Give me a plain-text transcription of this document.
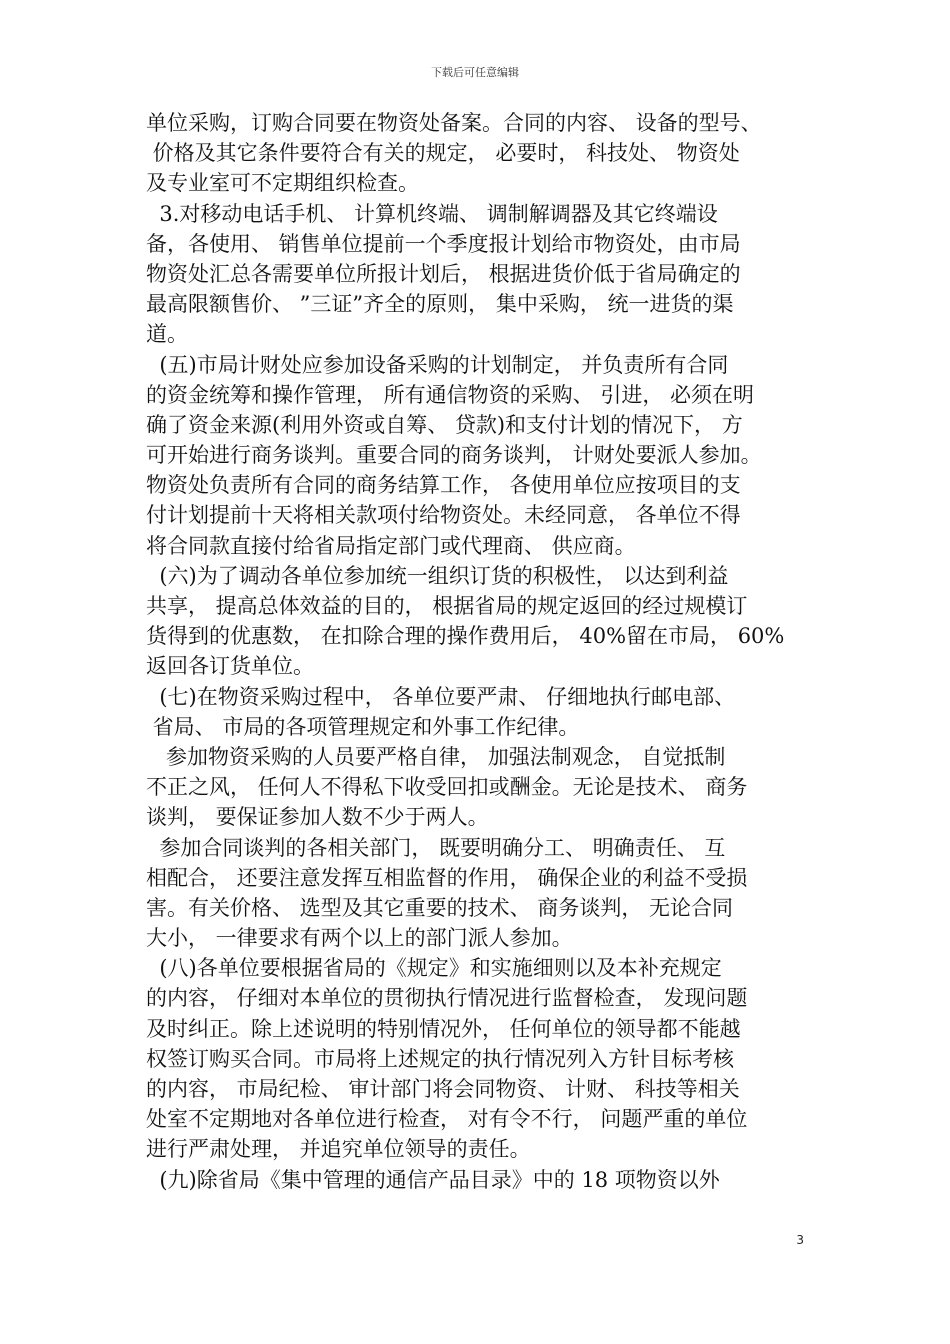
下载后可任意编辑
单位采购，订购合同要在物资处备案。合同的内容、 设备的型号、
价格及其它条件要符合有关的规定， 必要时， 科技处、 物资处
及专业室可不定期组织检查。
3.对移动电话手机、 计算机终端、 调制解调器及其它终端设
备，各使用、 销售单位提前一个季度报计划给市物资处，由市局
物资处汇总各需要单位所报计划后， 根据进货价低于省局确定的
最高限额售价、 ”三证”齐全的原则， 集中采购， 统一进货的渠
道。
(五)市局计财处应参加设备采购的计划制定， 并负责所有合同
的资金统筹和操作管理， 所有通信物资的采购、 引进， 必须在明
确了资金来源(利用外资或自筹、 贷款)和支付计划的情况下， 方
可开始进行商务谈判。重要合同的商务谈判， 计财处要派人参加。
物资处负责所有合同的商务结算工作， 各使用单位应按项目的支
付计划提前十天将相关款项付给物资处。未经同意， 各单位不得
将合同款直接付给省局指定部门或代理商、 供应商。
(六)为了调动各单位参加统一组织订货的积极性， 以达到利益
共享， 提高总体效益的目的， 根据省局的规定返回的经过规模订
货得到的优惠数， 在扣除合理的操作费用后， 40%留在市局， 60%
返回各订货单位。
(七)在物资采购过程中， 各单位要严肃、 仔细地执行邮电部、
省局、 市局的各项管理规定和外事工作纪律。
参加物资采购的人员要严格自律， 加强法制观念， 自觉抵制
不正之风， 任何人不得私下收受回扣或酬金。无论是技术、 商务
谈判， 要保证参加人数不少于两人。
参加合同谈判的各相关部门， 既要明确分工、 明确责任、 互
相配合， 还要注意发挥互相监督的作用， 确保企业的利益不受损
害。有关价格、 选型及其它重要的技术、 商务谈判， 无论合同
大小， 一律要求有两个以上的部门派人参加。
(八)各单位要根据省局的《规定》和实施细则以及本补充规定
的内容， 仔细对本单位的贯彻执行情况进行监督检查， 发现问题
及时纠正。除上述说明的特别情况外， 任何单位的领导都不能越
权签订购买合同。市局将上述规定的执行情况列入方针目标考核
的内容， 市局纪检、 审计部门将会同物资、 计财、 科技等相关
处室不定期地对各单位进行检查， 对有令不行， 问题严重的单位
进行严肃处理， 并追究单位领导的责任。
(九)除省局《集中管理的通信产品目录》中的 18 项物资以外
3
